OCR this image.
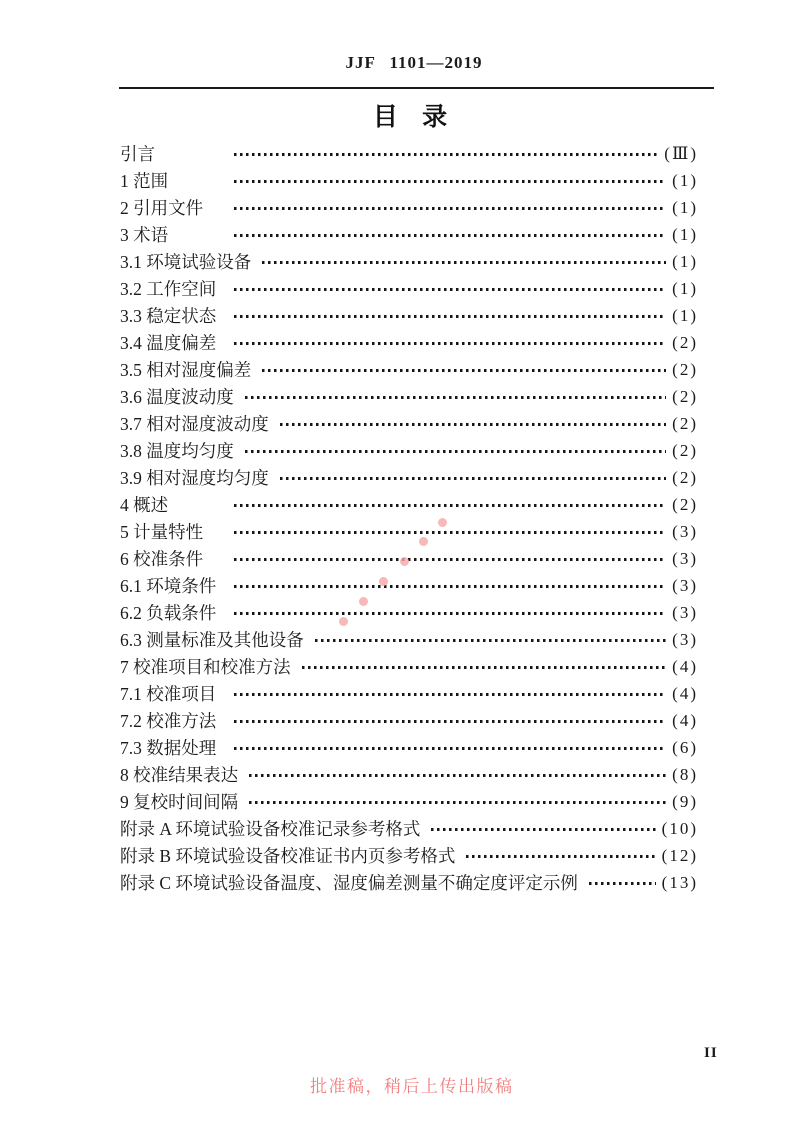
JJF 1101—2019
目 录
引言	(Ⅲ)
1 范围	(1)
2 引用文件	(1)
3 术语	(1)
3.1 环境试验设备	(1)
3.2 工作空间	(1)
3.3 稳定状态	(1)
3.4 温度偏差	(2)
3.5 相对湿度偏差	(2)
3.6 温度波动度	(2)
3.7 相对湿度波动度	(2)
3.8 温度均匀度	(2)
3.9 相对湿度均匀度	(2)
4 概述	(2)
5 计量特性	(3)
6 校准条件	(3)
6.1 环境条件	(3)
6.2 负载条件	(3)
6.3 测量标准及其他设备	(3)
7 校准项目和校准方法	(4)
7.1 校准项目	(4)
7.2 校准方法	(4)
7.3 数据处理	(6)
8 校准结果表达	(8)
9 复校时间间隔	(9)
附录 A 环境试验设备校准记录参考格式	(10)
附录 B 环境试验设备校准证书内页参考格式	(12)
附录 C 环境试验设备温度、湿度偏差测量不确定度评定示例	(13)
II
批准稿，稍后上传出版稿
